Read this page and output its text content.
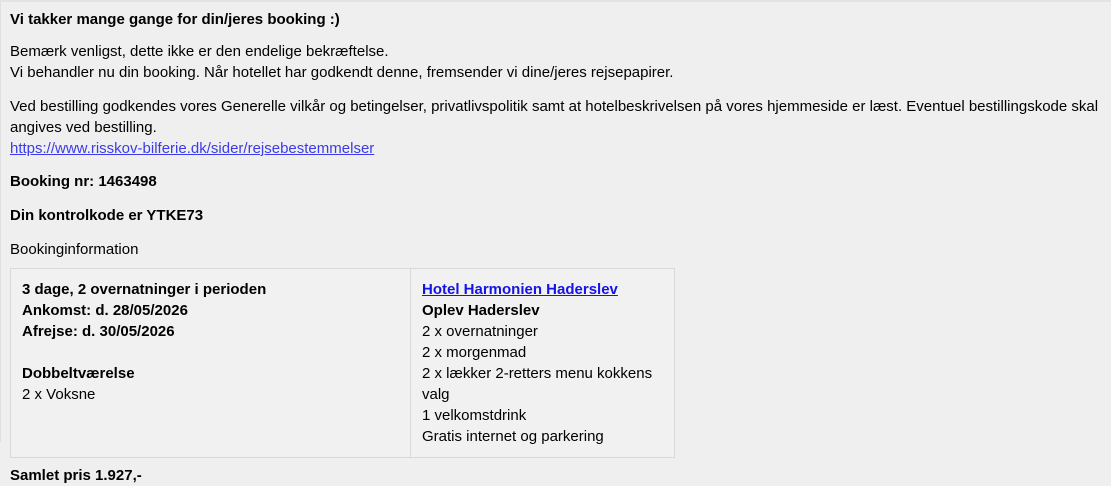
Vi takker mange gange for din/jeres booking :)

Bemærk venligst, dette ikke er den endelige bekræftelse.
Vi behandler nu din booking. Når hotellet har godkendt denne, fremsender vi dine/jeres rejsepapirer.
Ved bestilling godkendes vores Generelle vilkår og betingelser, privatlivspolitik samt at hotelbeskrivelsen på vores hjemmeside er læst. Eventuel bestillingskode skal angives ved bestilling.
https://www.risskov-bilferie.dk/sider/rejsebestemmelser

Booking nr: 1463498

Din kontrolkode er YTKE73

Bookinginformation

3 dage, 2 overnatninger i perioden
Ankomst: d. 28/05/2026
Afrejse: d. 30/05/2026

Dobbeltværelse
2 x Voksne

Hotel Harmonien Haderslev
Oplev Haderslev
2 x overnatninger
2 x morgenmad
2 x lækker 2-retters menu kokkens valg
1 velkomstdrink
Gratis internet og parkering

Samlet pris 1.927,-
